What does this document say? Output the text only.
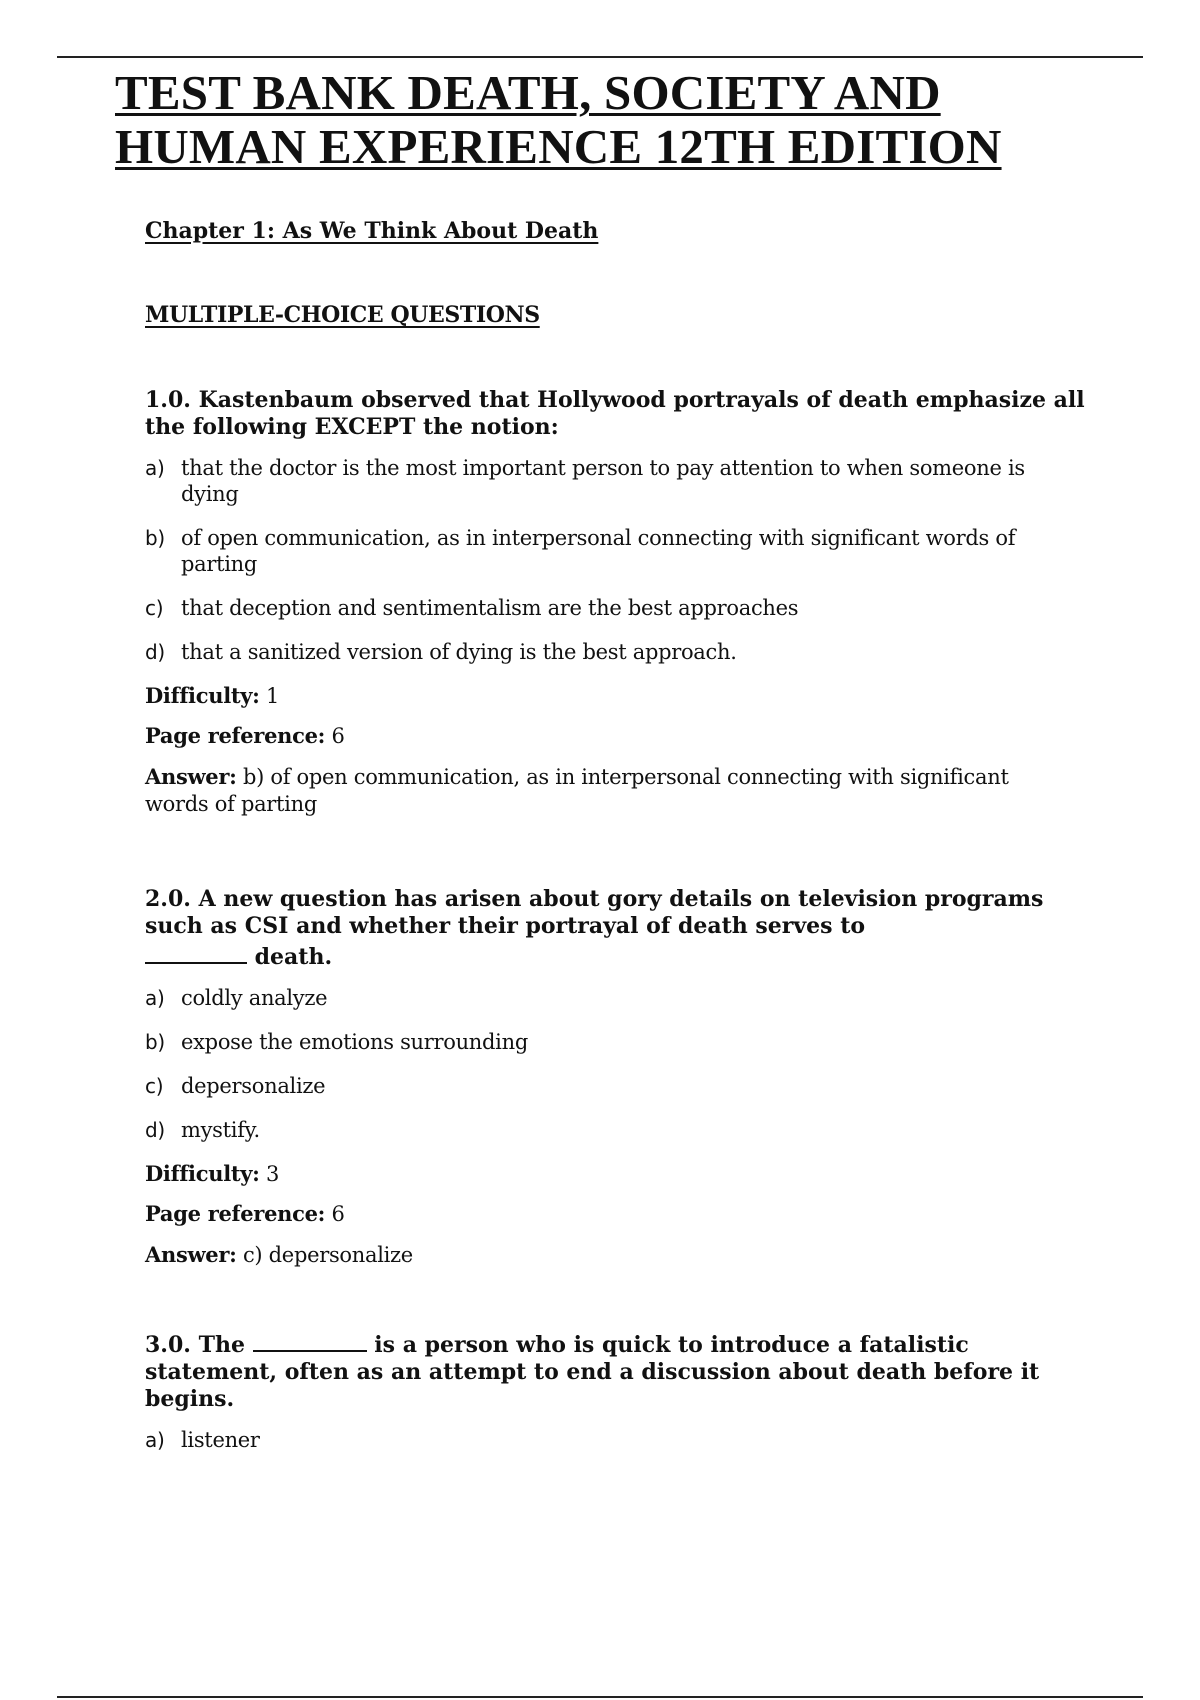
TEST BANK DEATH, SOCIETY AND
HUMAN EXPERIENCE 12TH EDITION
Chapter 1: As We Think About Death
MULTIPLE-CHOICE QUESTIONS

1.0. Kastenbaum observed that Hollywood portrayals of death emphasize all the following EXCEPT the notion:

a) that the doctor is the most important person to pay attention to when someone is dying
b) of open communication, as in interpersonal connecting with significant words of parting
c) that deception and sentimentalism are the best approaches
d) that a sanitized version of dying is the best approach.

Difficulty: 1

Page reference: 6

Answer: b) of open communication, as in interpersonal connecting with significant words of parting

2.0. A new question has arisen about gory details on television programs such as CSI and whether their portrayal of death serves to
death.

a) coldly analyze
b) expose the emotions surrounding
c) depersonalize
d) mystify.

Difficulty: 3

Page reference: 6

Answer: c) depersonalize

3.0. The	is a person who is quick to introduce a fatalistic statement, often as an attempt to end a discussion about death before it begins.

a) listener
